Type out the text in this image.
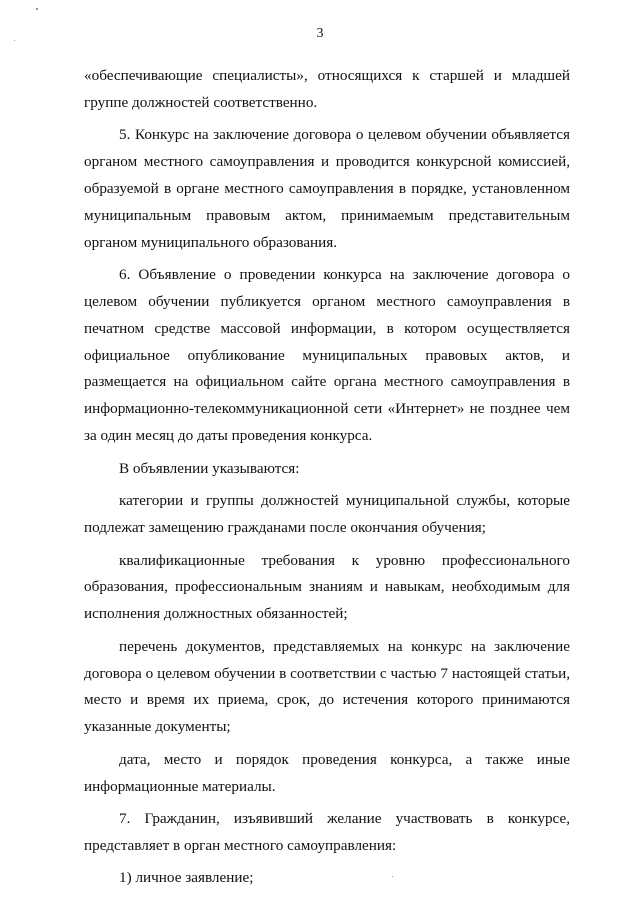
3

«обеспечивающие специалисты», относящихся к старшей и младшей группе должностей соответственно.

5. Конкурс на заключение договора о целевом обучении объявляется органом местного самоуправления и проводится конкурсной комиссией, образуемой в органе местного самоуправления в порядке, установленном муниципальным правовым актом, принимаемым представительным органом муниципального образования.

6. Объявление о проведении конкурса на заключение договора о целевом обучении публикуется органом местного самоуправления в печатном средстве массовой информации, в котором осуществляется официальное опубликование муниципальных правовых актов, и размещается на официальном сайте органа местного самоуправления в информационно-телекоммуникационной сети «Интернет» не позднее чем за один месяц до даты проведения конкурса.

В объявлении указываются:

категории и группы должностей муниципальной службы, которые подлежат замещению гражданами после окончания обучения;

квалификационные требования к уровню профессионального образования, профессиональным знаниям и навыкам, необходимым для исполнения должностных обязанностей;

перечень документов, представляемых на конкурс на заключение договора о целевом обучении в соответствии с частью 7 настоящей статьи, место и время их приема, срок, до истечения которого принимаются указанные документы;

дата, место и порядок проведения конкурса, а также иные информационные материалы.

7. Гражданин, изъявивший желание участвовать в конкурсе, представляет в орган местного самоуправления:

1) личное заявление;
